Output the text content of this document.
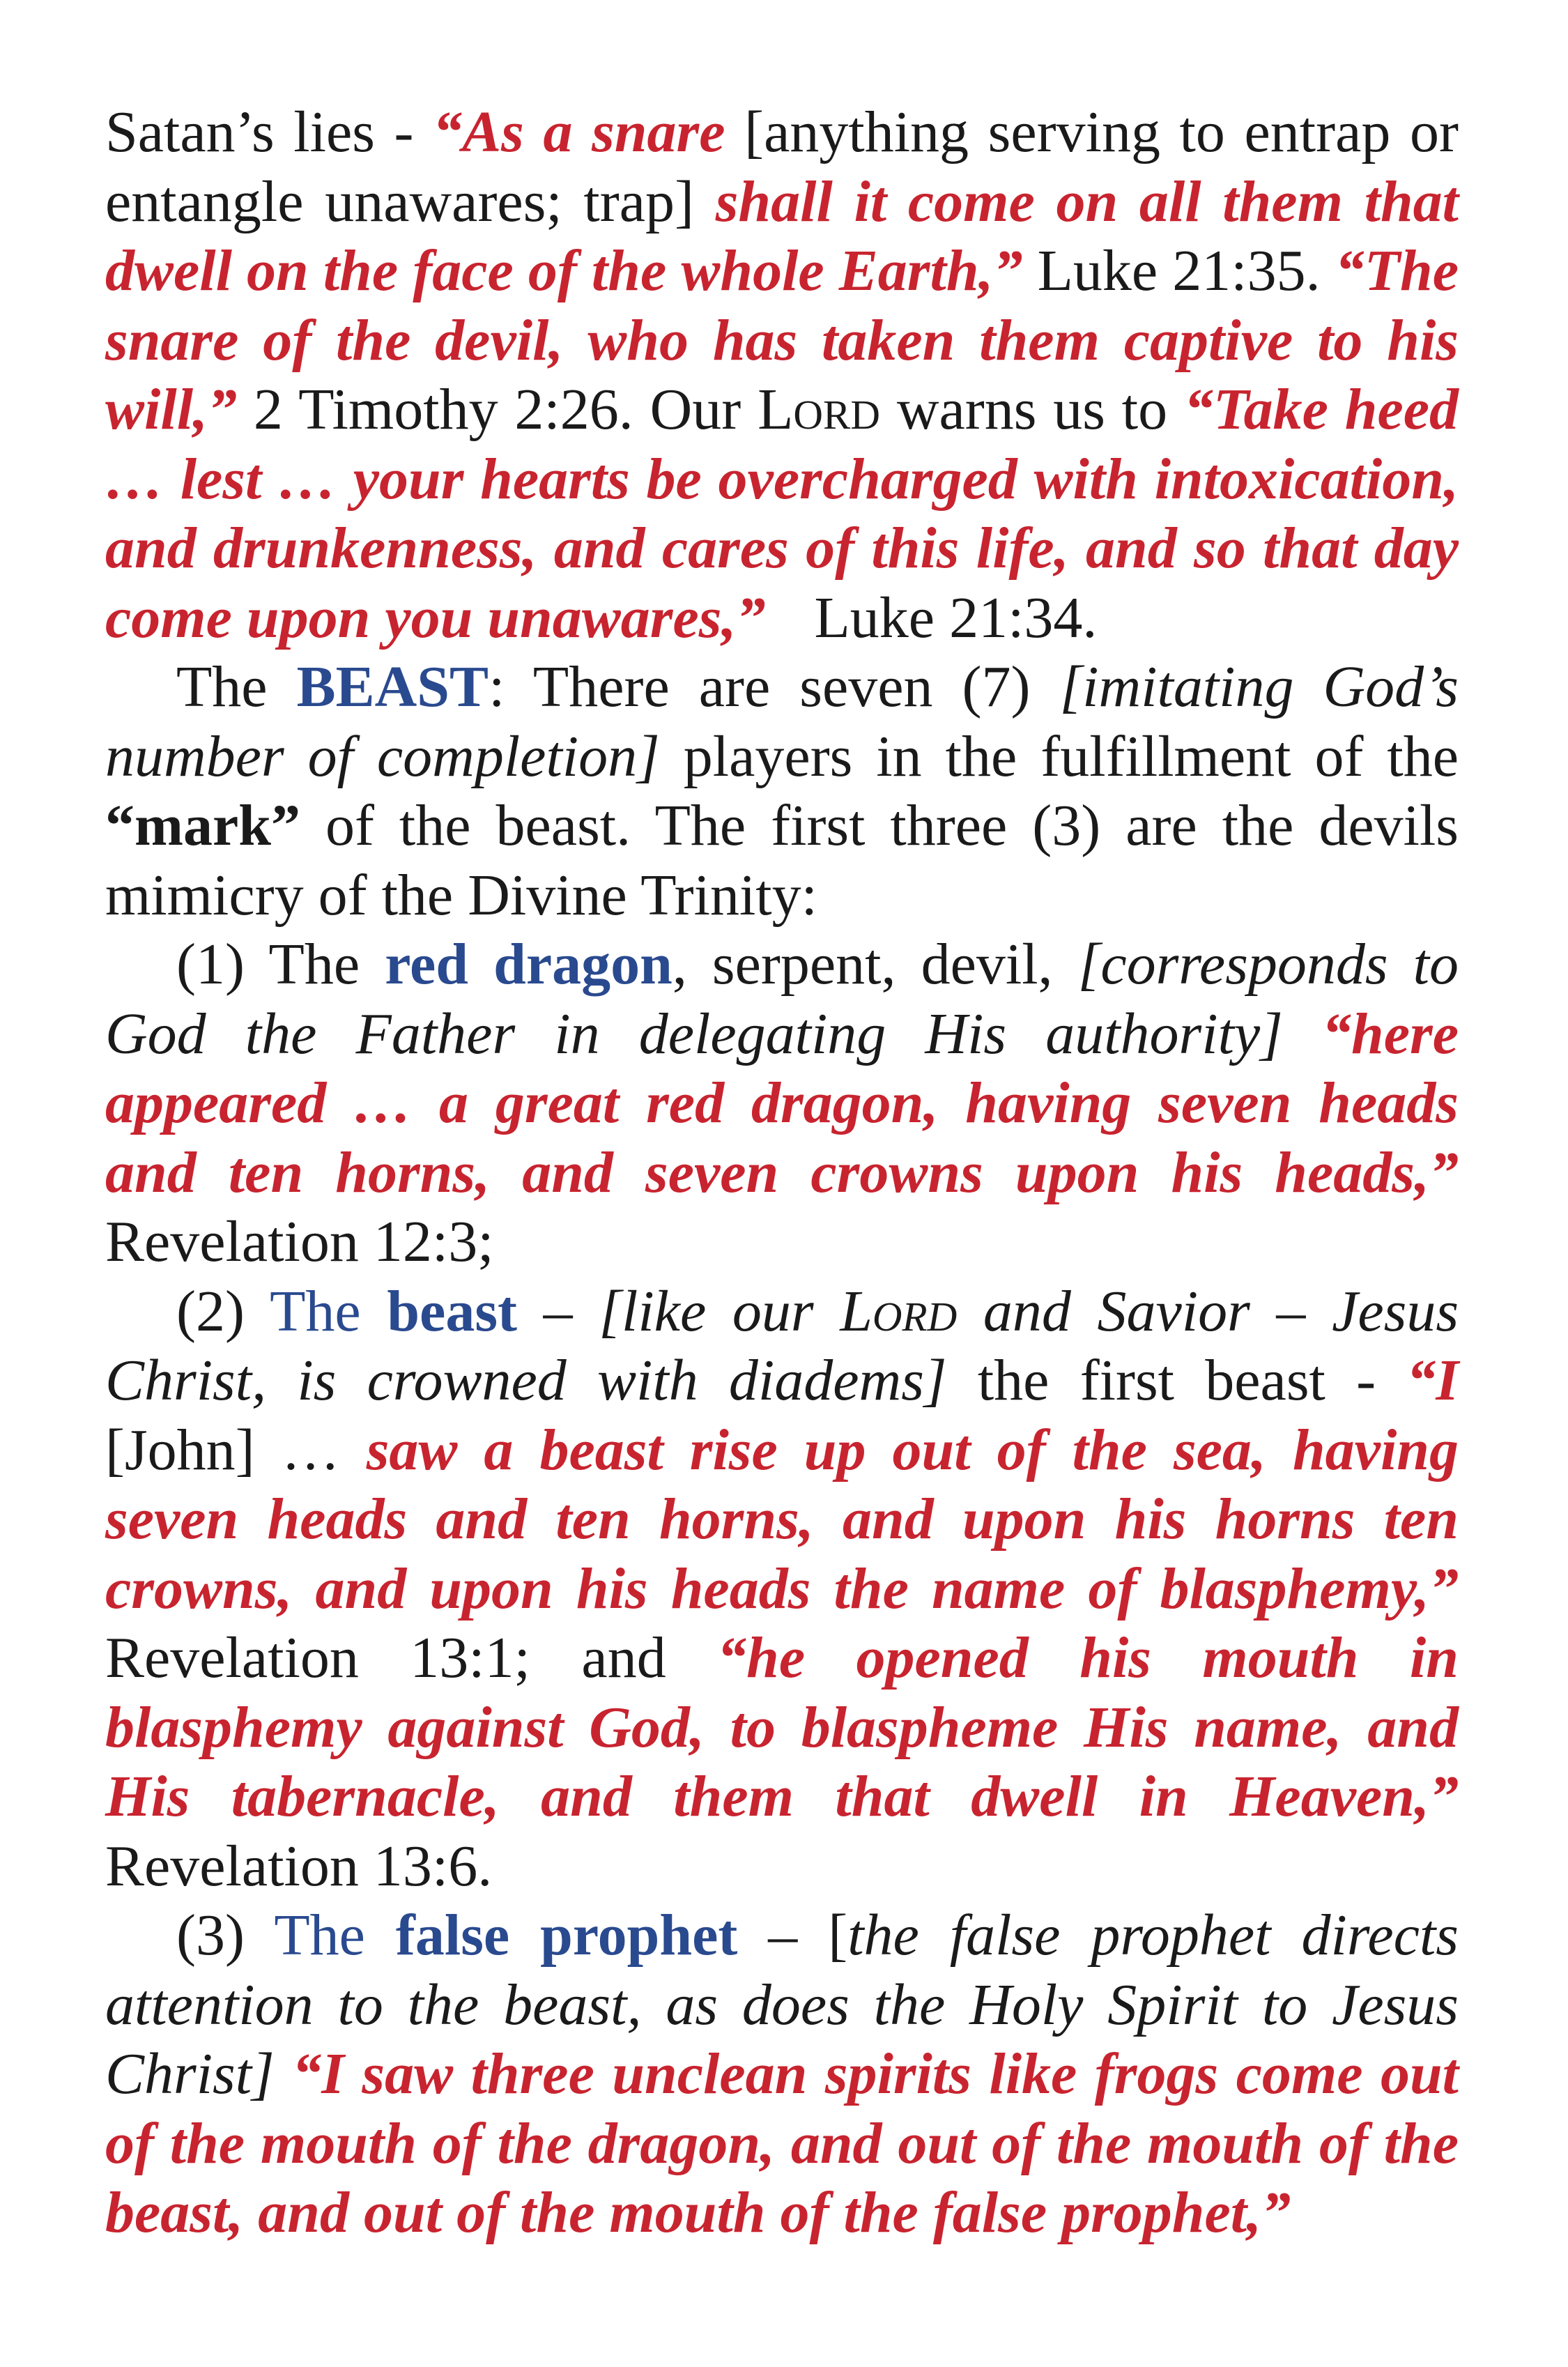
Satan’s lies - “As a snare [anything serving to entrap or entangle unawares; trap] shall it come on all them that dwell on the face of the whole Earth,” Luke 21:35. “The snare of the devil, who has taken them captive to his will,” 2 Timothy 2:26. Our Lord warns us to “Take heed … lest … your hearts be overcharged with intoxication, and drunkenness, and cares of this life, and so that day come upon you unawares,” Luke 21:34.

The BEAST: There are seven (7) [imitating God’s number of completion] players in the fulfillment of the “mark” of the beast. The first three (3) are the devils mimicry of the Divine Trinity:

(1) The red dragon, serpent, devil, [corresponds to God the Father in delegating His authority] “here appeared … a great red dragon, having seven heads and ten horns, and seven crowns upon his heads,” Revelation 12:3;

(2) The beast – [like our Lord and Savior – Jesus Christ, is crowned with diadems] the first beast - “I [John] … saw a beast rise up out of the sea, having seven heads and ten horns, and upon his horns ten crowns, and upon his heads the name of blasphemy,” Revelation 13:1; and “he opened his mouth in blasphemy against God, to blaspheme His name, and His tabernacle, and them that dwell in Heaven,” Revelation 13:6.

(3) The false prophet – [the false prophet directs attention to the beast, as does the Holy Spirit to Jesus Christ] “I saw three unclean spirits like frogs come out of the mouth of the dragon, and out of the mouth of the beast, and out of the mouth of the false prophet,”
